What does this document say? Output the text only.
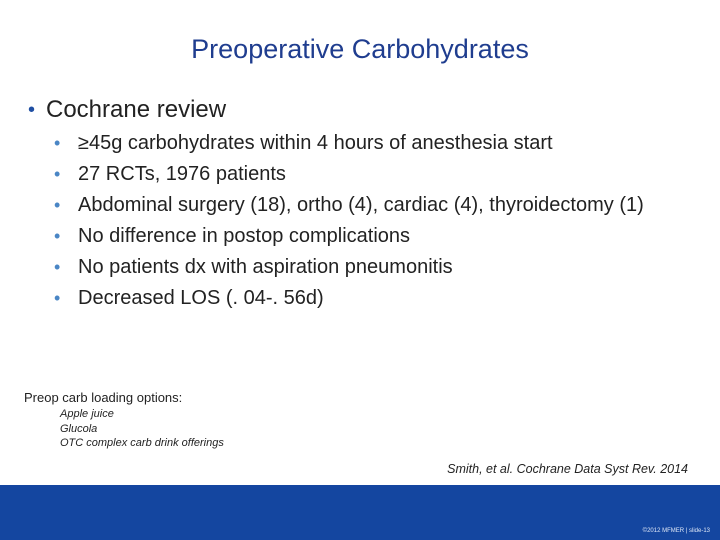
Preoperative Carbohydrates
• Cochrane review
• ≥45g carbohydrates within 4 hours of anesthesia start
• 27 RCTs, 1976 patients
• Abdominal surgery (18), ortho (4), cardiac (4), thyroidectomy (1)
• No difference in postop complications
• No patients dx with aspiration pneumonitis
• Decreased LOS (. 04-. 56d)
Preop carb loading options:
Apple juice
Glucola
OTC complex carb drink offerings
Smith, et al. Cochrane Data Syst Rev. 2014
©2012 MFMER | slide-13
